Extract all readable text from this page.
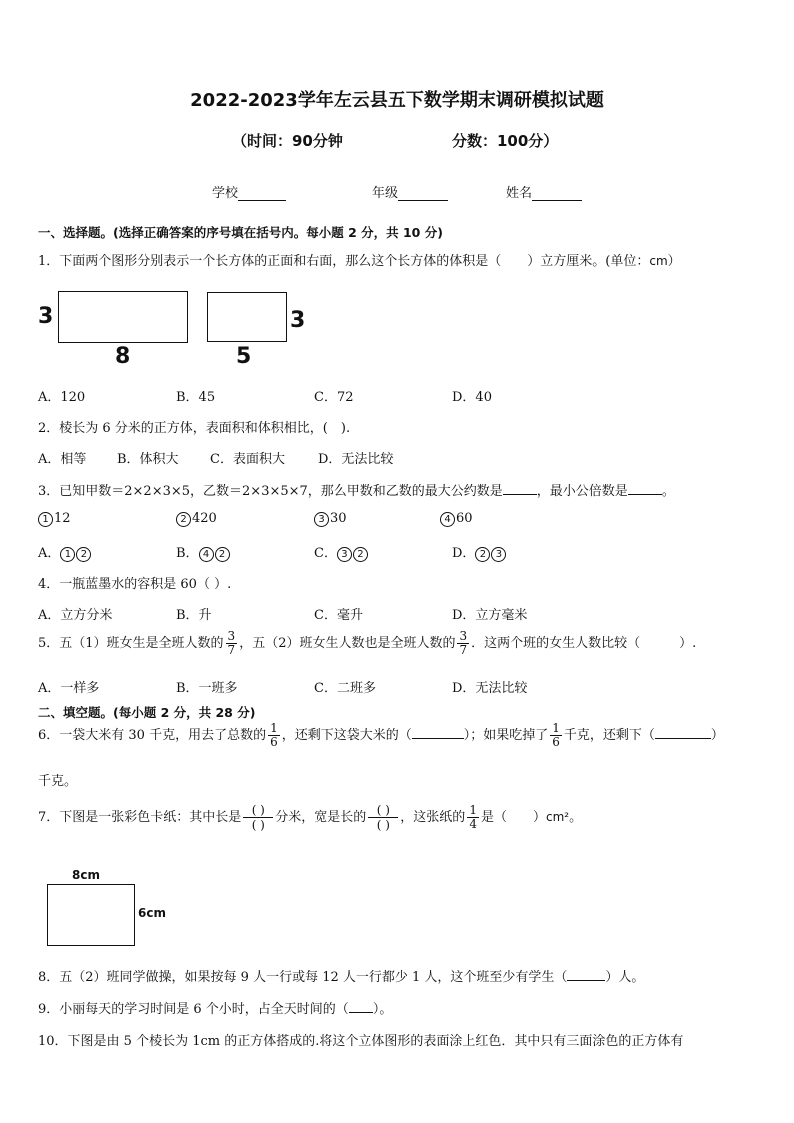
2022-2023学年左云县五下数学期末调研模拟试题
（时间：90分钟	分数：100分）
学校	年级	姓名
一、选择题。(选择正确答案的序号填在括号内。每小题 2 分，共 10 分)
1．下面两个图形分别表示一个长方体的正面和右面，那么这个长方体的体积是（　　）立方厘米。(单位：cm）
3
8
3
5
A．120	B．45	C．72	D．40
2．棱长为 6 分米的正方体，表面积和体积相比，(　).
A．相等 B．体积大 C．表面积大	D．无法比较
3．已知甲数＝2×2×3×5，乙数＝2×3×5×7，那么甲数和乙数的最大公约数是	，最小公倍数是	。
1 12	2 420	3 30	4 60
A． 1 2	B． 4 2	C． 3 2	D． 2 3
4．一瓶蓝墨水的容积是 60（ ）.
A．立方分米	B．升	C．毫升	D．立方毫米
5．五（1）班女生是全班人数的 $\frac{3}{7}$ ，五（2）班女生人数也是全班人数的 $\frac{3}{7}$ ．这两个班的女生人数比较（　　　）.
A．一样多	B．一班多	C．二班多	D．无法比较
二、填空题。(每小题 2 分，共 28 分)
6．一袋大米有 30 千克，用去了总数的 $\frac{1}{6}$ ，还剩下这袋大米的（	）；如果吃掉了 $\frac{1}{6}$ 千克，还剩下（	）
千克。
7．下图是一张彩色卡纸：其中长是 ( )
( ) 分米，宽是长的 ( )
( ) ，这张纸的 $\frac{1}{4}$ 是（　　）cm²。
8cm
6cm
8．五（2）班同学做操，如果按每 9 人一行或每 12 人一行都少 1 人，这个班至少有学生（	）人。
9．小丽每天的学习时间是 6 个小时，占全天时间的（ ）。
10．下图是由 5 个棱长为 1cm 的正方体搭成的.将这个立体图形的表面涂上红色．其中只有三面涂色的正方体有
